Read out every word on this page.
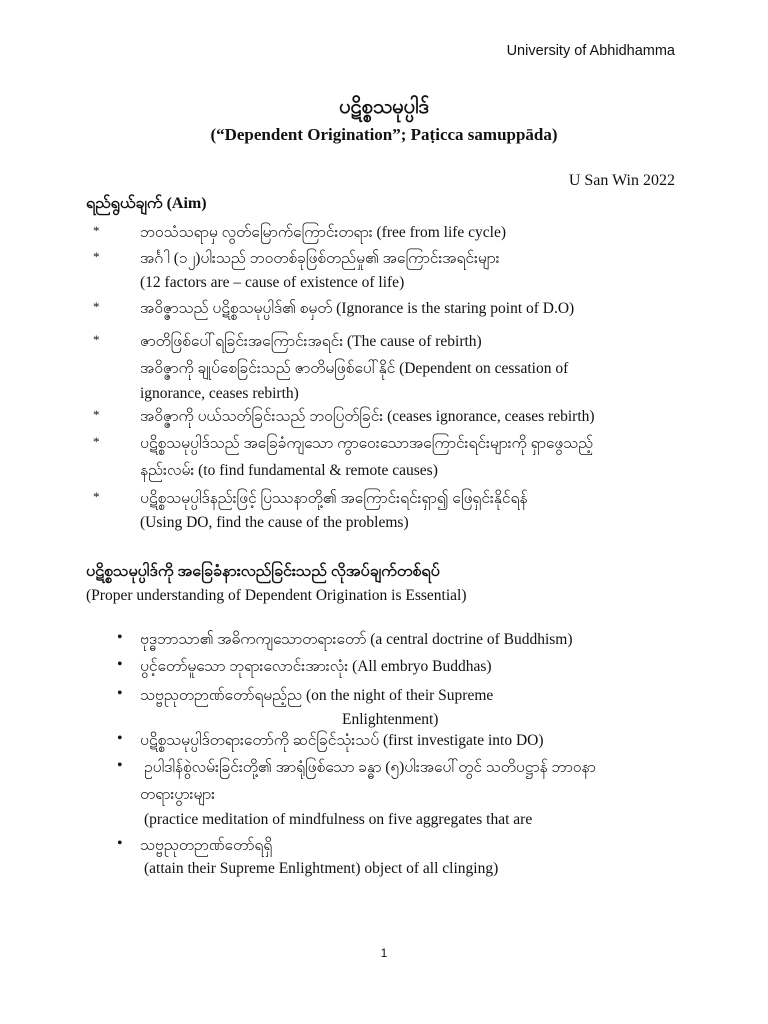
University of Abhidhamma
ပဋိစ္စသမုပ္ပါဒ်
(“Dependent Origination”; Paṭicca samuppāda)
U San Win 2022
ရည်ရွယ်ချက် (Aim)
*	ဘဝသံသရာမှ လွတ်မြောက်ကြောင်းတရား (free from life cycle)
*	အင်္ဂါ (၁၂)ပါးသည် ဘဝတစ်ခုဖြစ်တည်မှု၏ အကြောင်းအရင်းများ
(12 factors are – cause of existence of life)
*	အဝိဇ္ဇာသည် ပဋိစ္စသမုပ္ပါဒ်၏ စမှတ် (Ignorance is the staring point of D.O)
*	ဇာတိဖြစ်ပေါ်ရခြင်းအကြောင်းအရင်း (The cause of rebirth)
အဝိဇ္ဇာကို ချုပ်စေခြင်းသည် ဇာတိမဖြစ်ပေါ်နိုင် (Dependent on cessation of
ignorance, ceases rebirth)
*	အဝိဇ္ဇာကို ပယ်သတ်ခြင်းသည် ဘဝပြတ်ခြင်း (ceases ignorance, ceases rebirth)
*	ပဋိစ္စသမုပ္ပါဒ်သည် အခြေခံကျသော ကွာဝေးသောအကြောင်းရင်းများကို ရှာဖွေသည့်
နည်းလမ်း (to find fundamental & remote causes)
*	ပဋိစ္စသမုပ္ပါဒ်နည်းဖြင့် ပြဿနာတို့၏ အကြောင်းရင်းရှာ၍ ဖြေရှင်းနိုင်ရန်
(Using DO, find the cause of the problems)
ပဋိစ္စသမုပ္ပါဒ်ကို အခြေခံနားလည်ခြင်းသည် လိုအပ်ချက်တစ်ရပ်
(Proper understanding of Dependent Origination is Essential)
• ဗုဒ္ဓဘာသာ၏ အဓိကကျသောတရားတော် (a central doctrine of Buddhism)
• ပွင့်တော်မူသော ဘုရားလောင်းအားလုံး (All embryo Buddhas)
• သဗ္ဗညုတဉာဏ်တော်ရမည့်ည (on the night of their Supreme
Enlightenment)
• ပဋိစ္စသမုပ္ပါဒ်တရားတော်ကို ဆင်ခြင်သုံးသပ် (first investigate into DO)
• ဥပါဒါန်စွဲလမ်းခြင်းတို့၏ အာရုံဖြစ်သော ခန္ဓာ (၅)ပါးအပေါ်တွင် သတိပဋ္ဌာန် ဘာဝနာ
တရားပွားများ
(practice meditation of mindfulness on five aggregates that are
• သဗ္ဗညုတဉာဏ်တော်ရရှိ
(attain their Supreme Enlightment) object of all clinging)
1
